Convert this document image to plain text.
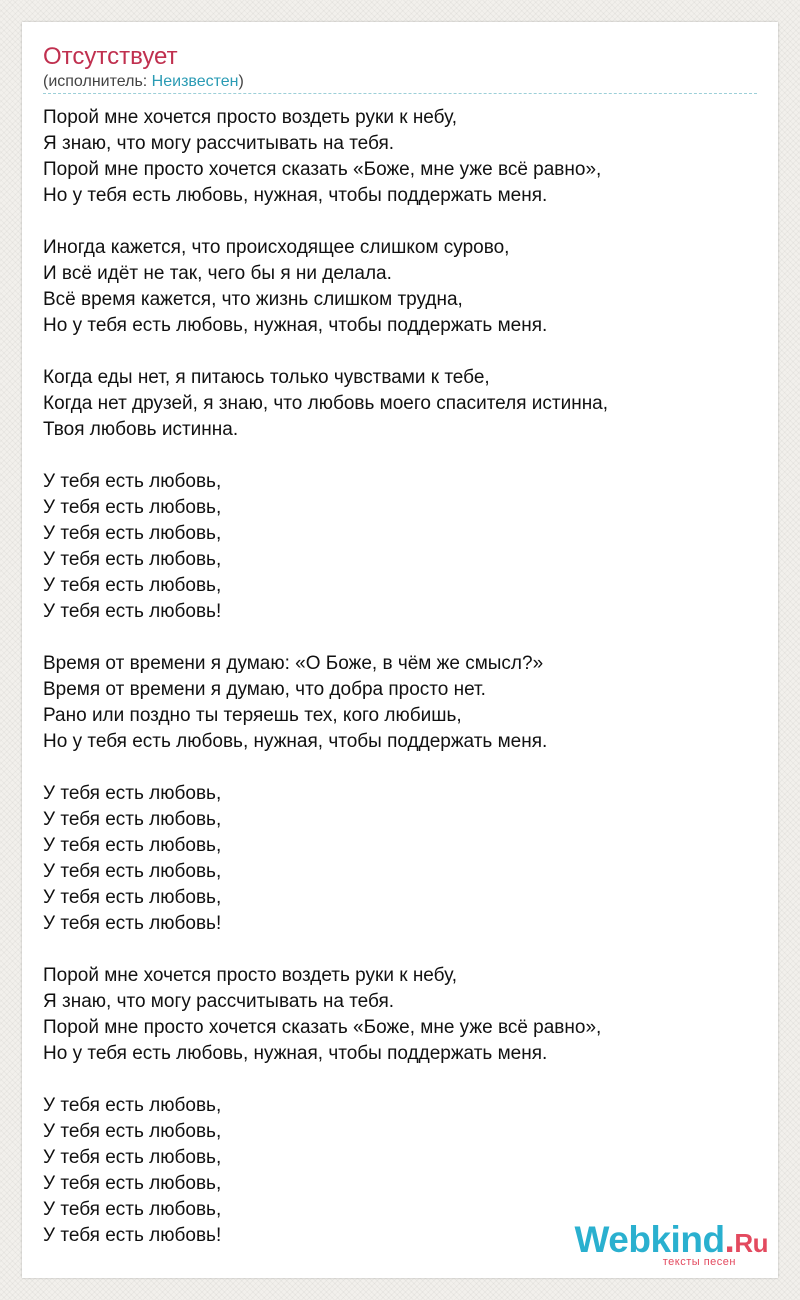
Отсутствует
(исполнитель: Неизвестен)
Порой мне хочется просто воздеть руки к небу,
Я знаю, что могу рассчитывать на тебя.
Порой мне просто хочется сказать «Боже, мне уже всё равно»,
Но у тебя есть любовь, нужная, чтобы поддержать меня.
Иногда кажется, что происходящее слишком сурово,
И всё идёт не так, чего бы я ни делала.
Всё время кажется, что жизнь слишком трудна,
Но у тебя есть любовь, нужная, чтобы поддержать меня.
Когда еды нет, я питаюсь только чувствами к тебе,
Когда нет друзей, я знаю, что любовь моего спасителя истинна,
Твоя любовь истинна.
У тебя есть любовь,
У тебя есть любовь,
У тебя есть любовь,
У тебя есть любовь,
У тебя есть любовь,
У тебя есть любовь!
Время от времени я думаю: «О Боже, в чём же смысл?»
Время от времени я думаю, что добра просто нет.
Рано или поздно ты теряешь тех, кого любишь,
Но у тебя есть любовь, нужная, чтобы поддержать меня.
У тебя есть любовь,
У тебя есть любовь,
У тебя есть любовь,
У тебя есть любовь,
У тебя есть любовь,
У тебя есть любовь!
Порой мне хочется просто воздеть руки к небу,
Я знаю, что могу рассчитывать на тебя.
Порой мне просто хочется сказать «Боже, мне уже всё равно»,
Но у тебя есть любовь, нужная, чтобы поддержать меня.
У тебя есть любовь,
У тебя есть любовь,
У тебя есть любовь,
У тебя есть любовь,
У тебя есть любовь,
У тебя есть любовь!	Webkind.Ru
тексты песен
